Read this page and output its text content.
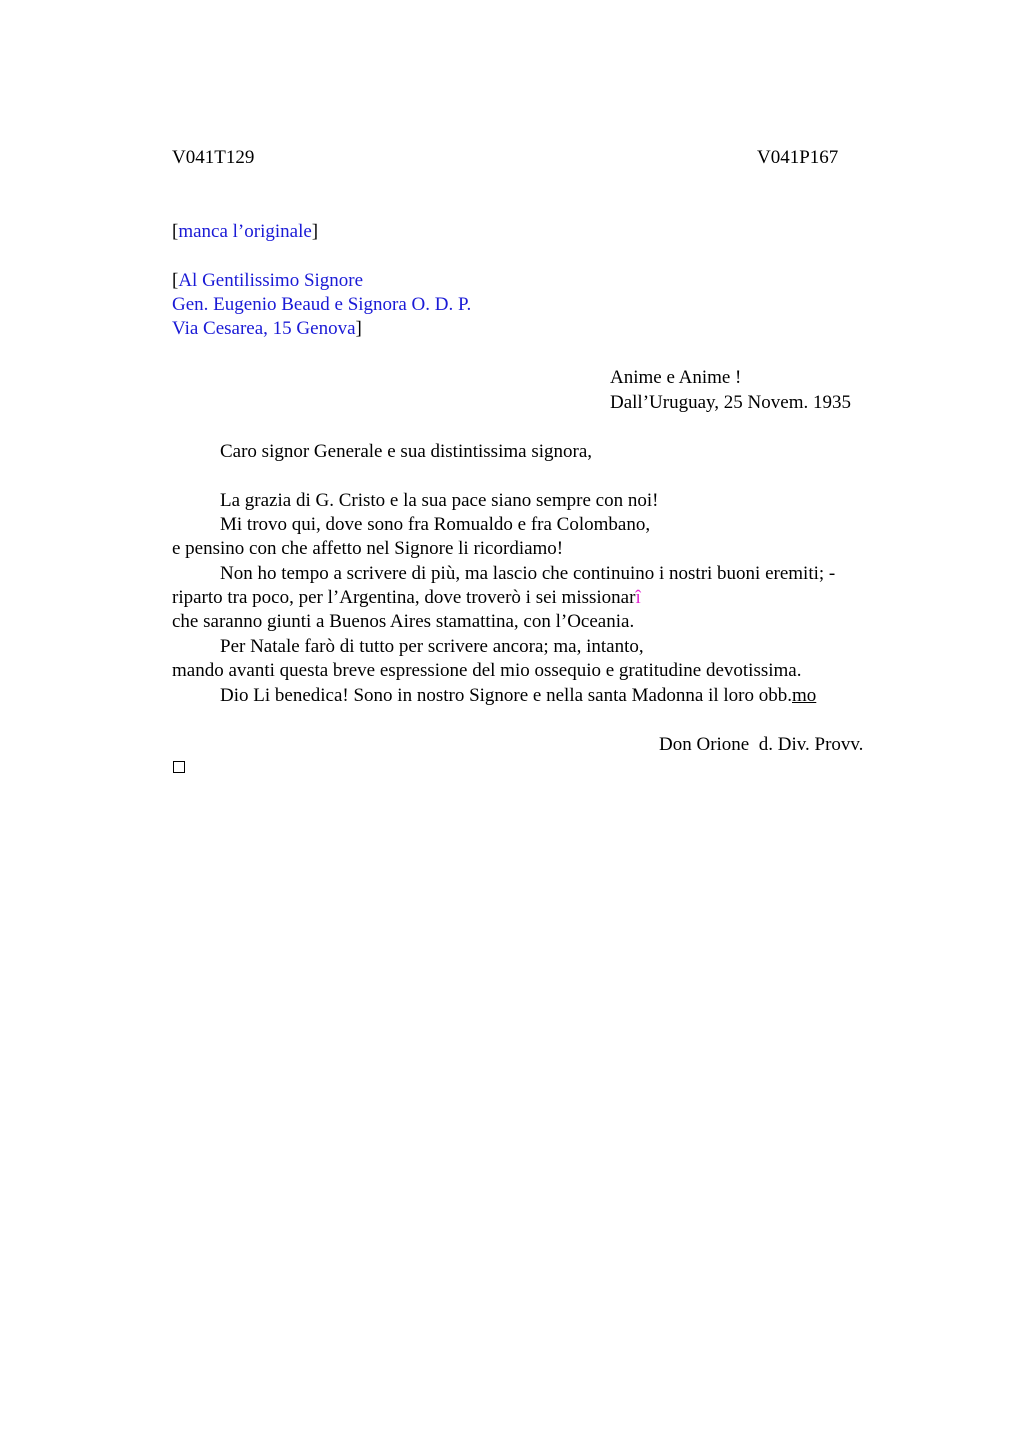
V041T129	V041P167
[manca l’originale]
[Al Gentilissimo Signore
Gen. Eugenio Beaud e Signora O. D. P.
Via Cesarea, 15 Genova]
Anime e Anime !
Dall’Uruguay, 25 Novem. 1935
Caro signor Generale e sua distintissima signora,
La grazia di G. Cristo e la sua pace siano sempre con noi!
Mi trovo qui, dove sono fra Romualdo e fra Colombano,
e pensino con che affetto nel Signore li ricordiamo!
Non ho tempo a scrivere di più, ma lascio che continuino i nostri buoni eremiti; -
riparto tra poco, per l’Argentina, dove troverò i sei missionarî
che saranno giunti a Buenos Aires stamattina, con l’Oceania.
Per Natale farò di tutto per scrivere ancora; ma, intanto,
mando avanti questa breve espressione del mio ossequio e gratitudine devotissima.
Dio Li benedica! Sono in nostro Signore e nella santa Madonna il loro obb.mo
Don Orione  d. Div. Provv.
